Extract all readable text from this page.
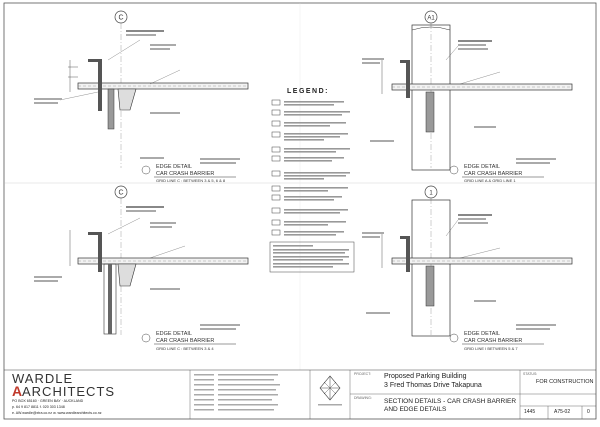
C
EDGE DETAIL
CAR CRASH BARRIER
GRID LINE C : BETWEEN 3 & 5, 6 & 8
A1
EDGE DETAIL
CAR CRASH BARRIER
GRID LINE A & GRID LINE 1
C
EDGE DETAIL
CAR CRASH BARRIER
GRID LINE C : BETWEEN 3 & 4
1
EDGE DETAIL
CAR CRASH BARRIER
GRID LINE I BETWEEN 5 & 7
LEGEND:
A
WARDLE
ARCHITECTS
PO BOX 65160 · GREEN BAY · AUCKLAND
p. 64 9 817 8811 f. 020 303 1348
e. AW.wardle@xtra.co.nz w. www.wardlearchitects.co.nz
PROJECT: Proposed Parking Building
3 Fred Thomas Drive Takapuna
DRAWING: SECTION DETAILS - CAR CRASH BARRIER
AND EDGE DETAILS
STATUS:
FOR CONSTRUCTION
1445	A75-02	0
